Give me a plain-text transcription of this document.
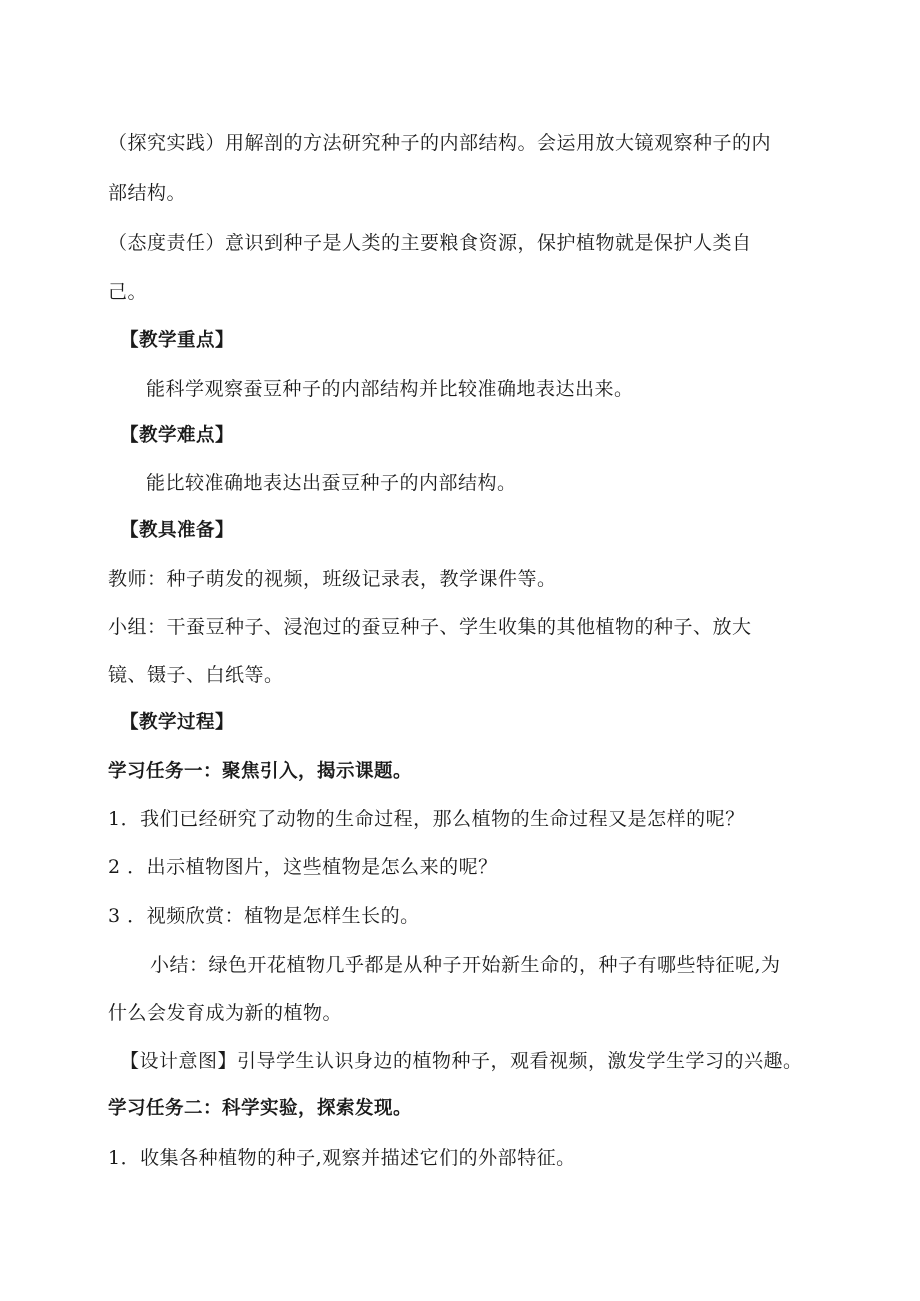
（探究实践）用解剖的方法研究种子的内部结构。会运用放大镜观察种子的内
部结构。
（态度责任）意识到种子是人类的主要粮食资源，保护植物就是保护人类自
己。
【教学重点】
能科学观察蚕豆种子的内部结构并比较准确地表达出来。
【教学难点】
能比较准确地表达出蚕豆种子的内部结构。
【教具准备】
教师：种子萌发的视频，班级记录表，教学课件等。
小组：干蚕豆种子、浸泡过的蚕豆种子、学生收集的其他植物的种子、放大
镜、镊子、白纸等。
【教学过程】
学习任务一：聚焦引入，揭示课题。
1．我们已经研究了动物的生命过程，那么植物的生命过程又是怎样的呢？
2 ．出示植物图片，这些植物是怎么来的呢？
3 ．视频欣赏：植物是怎样生长的。
小结：绿色开花植物几乎都是从种子开始新生命的，种子有哪些特征呢,为
什么会发育成为新的植物。
【设计意图】引导学生认识身边的植物种子，观看视频，激发学生学习的兴趣。
学习任务二：科学实验，探索发现。
1．收集各种植物的种子,观察并描述它们的外部特征。
